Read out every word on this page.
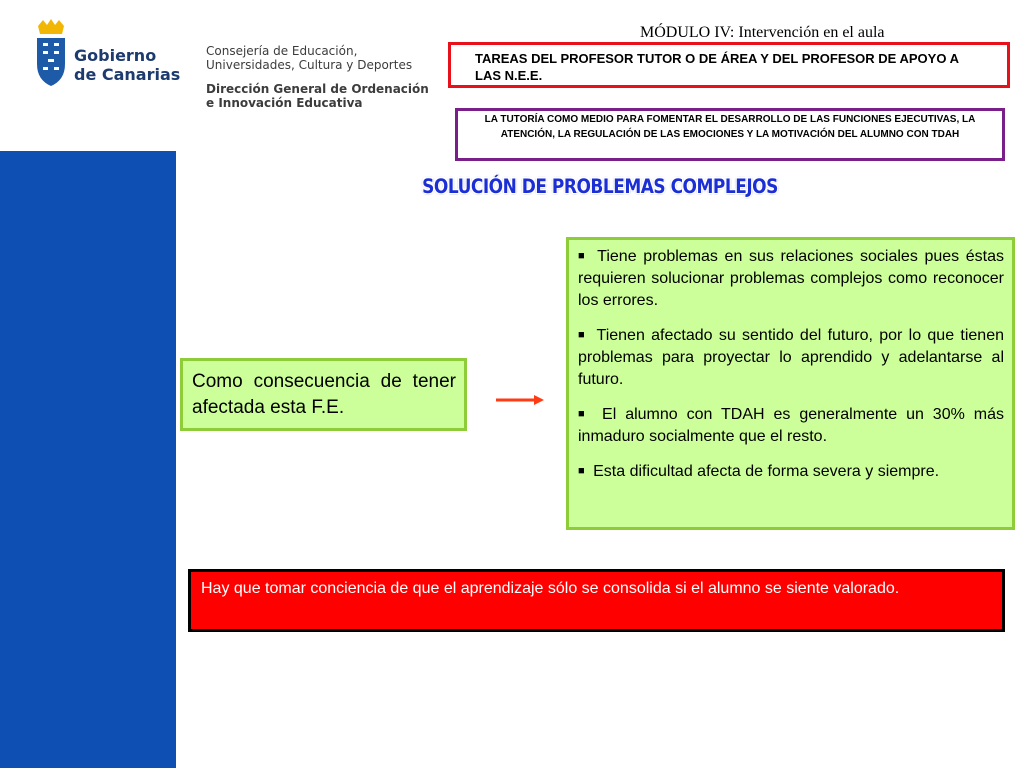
Gobierno
de Canarias
Consejería de Educación,
Universidades, Cultura y Deportes
Dirección General de Ordenación
e Innovación Educativa
MÓDULO IV: Intervención en el aula
TAREAS DEL PROFESOR TUTOR O DE ÁREA Y DEL PROFESOR DE APOYO A LAS N.E.E.
LA TUTORÍA COMO MEDIO PARA FOMENTAR EL DESARROLLO DE LAS FUNCIONES EJECUTIVAS, LA ATENCIÓN, LA REGULACIÓN DE LAS EMOCIONES Y LA MOTIVACIÓN DEL ALUMNO CON TDAH
SOLUCIÓN DE PROBLEMAS COMPLEJOS
Como consecuencia de tener afectada esta F.E.
■ Tiene problemas en sus relaciones sociales pues éstas requieren solucionar problemas complejos como reconocer los errores.
■ Tienen afectado su sentido del futuro, por lo que tienen problemas para proyectar lo aprendido y adelantarse al futuro.
■ El alumno con TDAH es generalmente un 30% más inmaduro socialmente que el resto.
■ Esta dificultad afecta de forma severa y siempre.
Hay que tomar conciencia de que el aprendizaje sólo se consolida si el alumno se siente valorado.
